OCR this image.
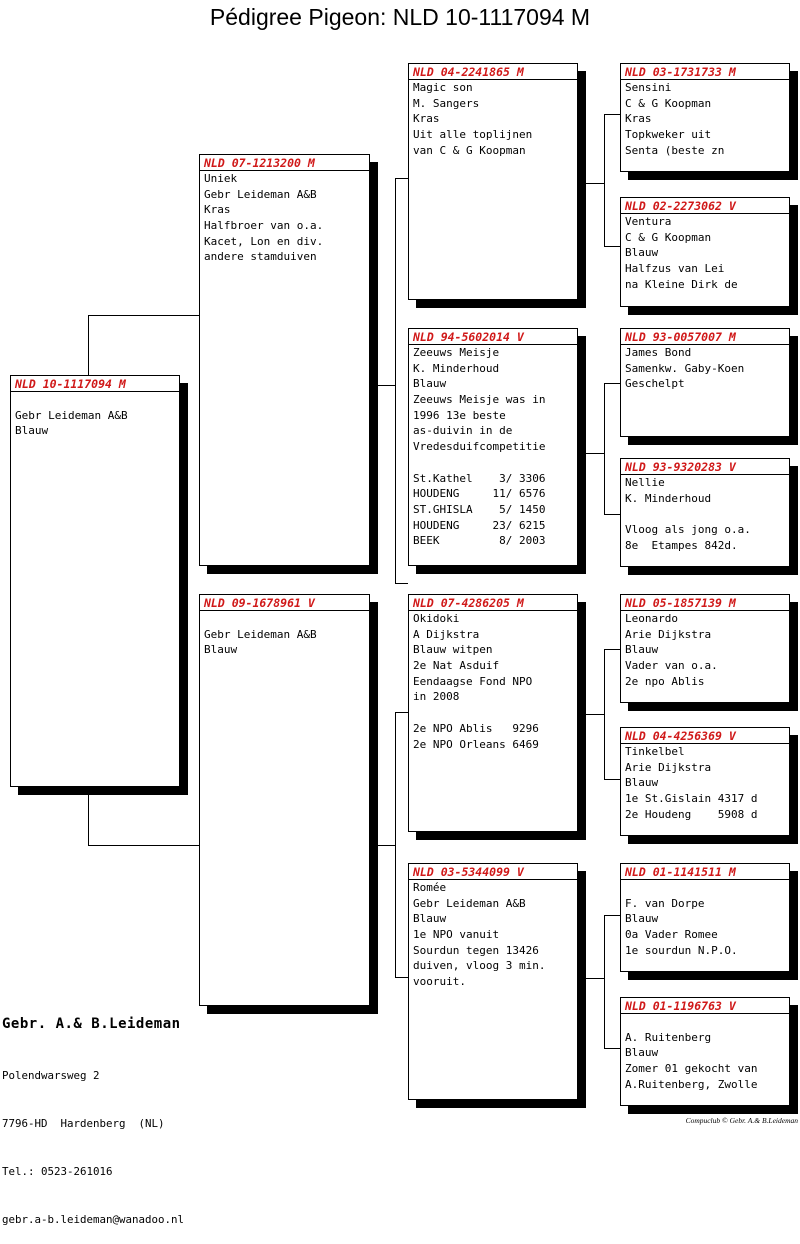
Pédigree Pigeon: NLD 10-1117094 M
NLD 10-1117094 M
Gebr Leideman A&B
Blauw
NLD 07-1213200 M
Uniek
Gebr Leideman A&B
Kras
Halfbroer van o.a.
Kacet, Lon en div.
andere stamduiven
NLD 09-1678961 V
Gebr Leideman A&B
Blauw
NLD 04-2241865 M
Magic son
M. Sangers
Kras
Uit alle toplijnen
van C & G Koopman
NLD 94-5602014 V
Zeeuws Meisje
K. Minderhoud
Blauw
Zeeuws Meisje was in
1996 13e beste
as-duivin in de
Vredesduifcompetitie
St.Kathel    3/ 3306
HOUDENG     11/ 6576
ST.GHISLA    5/ 1450
HOUDENG     23/ 6215
BEEK         8/ 2003
NLD 07-4286205 M
Okidoki
A Dijkstra
Blauw witpen
2e Nat Asduif
Eendaagse Fond NPO
in 2008
2e NPO Ablis   9296
2e NPO Orleans 6469
NLD 03-5344099 V
Romée
Gebr Leideman A&B
Blauw
1e NPO vanuit
Sourdun tegen 13426
duiven, vloog 3 min.
vooruit.
NLD 03-1731733 M
Sensini
C & G Koopman
Kras
Topkweker uit
Senta (beste zn
NLD 02-2273062 V
Ventura
C & G Koopman
Blauw
Halfzus van Lei
na Kleine Dirk de
NLD 93-0057007 M
James Bond
Samenkw. Gaby-Koen
Geschelpt
NLD 93-9320283 V
Nellie
K. Minderhoud
Vloog als jong o.a.
8e  Etampes 842d.
NLD 05-1857139 M
Leonardo
Arie Dijkstra
Blauw
Vader van o.a.
2e npo Ablis
NLD 04-4256369 V
Tinkelbel
Arie Dijkstra
Blauw
1e St.Gislain 4317 d
2e Houdeng    5908 d
NLD 01-1141511 M
F. van Dorpe
Blauw
0a Vader Romee
1e sourdun N.P.O.
NLD 01-1196763 V
A. Ruitenberg
Blauw
Zomer 01 gekocht van
A.Ruitenberg, Zwolle
Gebr. A.& B.Leideman

Polendwarsweg 2

7796-HD  Hardenberg  (NL)

Tel.: 0523-261016

gebr.a-b.leideman@wanadoo.nl

Compuclub © Gebr. A.& B.Leideman
